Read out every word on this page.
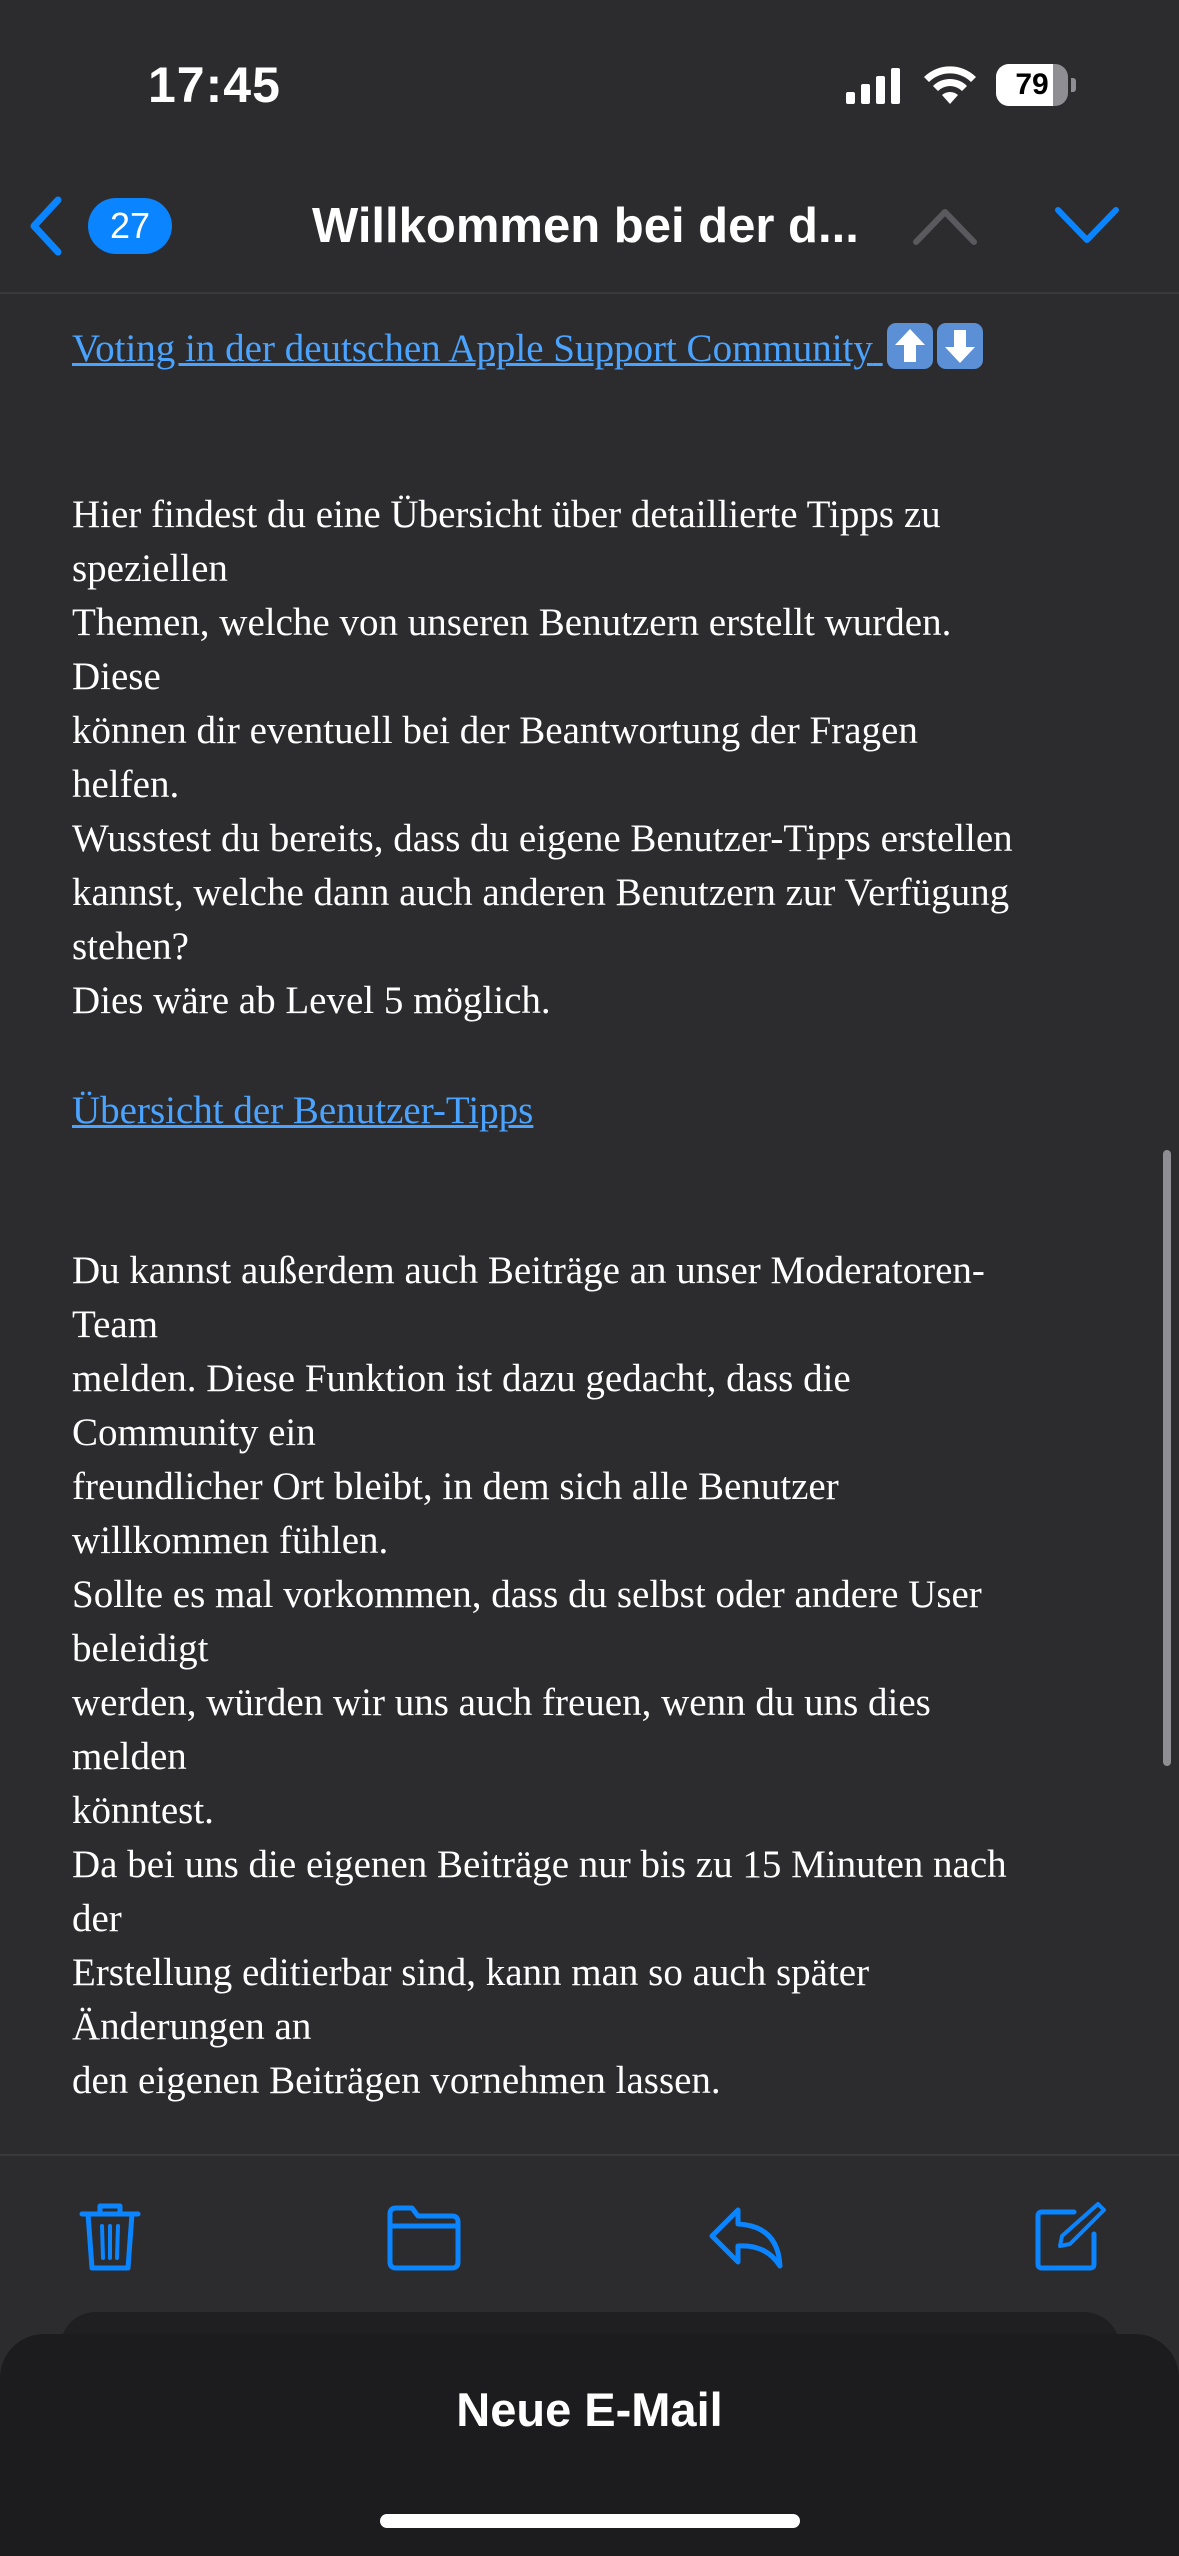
17:45	79
27	Willkommen bei der d...
Voting in der deutschen Apple Support Community
Hier findest du eine Übersicht über detaillierte Tipps zu
speziellen
Themen, welche von unseren Benutzern erstellt wurden.
Diese
können dir eventuell bei der Beantwortung der Fragen
helfen.
Wusstest du bereits, dass du eigene Benutzer-Tipps erstellen
kannst, welche dann auch anderen Benutzern zur Verfügung
stehen?
Dies wäre ab Level 5 möglich.
Übersicht der Benutzer-Tipps
Du kannst außerdem auch Beiträge an unser Moderatoren-
Team
melden. Diese Funktion ist dazu gedacht, dass die
Community ein
freundlicher Ort bleibt, in dem sich alle Benutzer
willkommen fühlen.
Sollte es mal vorkommen, dass du selbst oder andere User
beleidigt
werden, würden wir uns auch freuen, wenn du uns dies
melden
könntest.
Da bei uns die eigenen Beiträge nur bis zu 15 Minuten nach
der
Erstellung editierbar sind, kann man so auch später
Änderungen an
den eigenen Beiträgen vornehmen lassen.
Neue E-Mail
